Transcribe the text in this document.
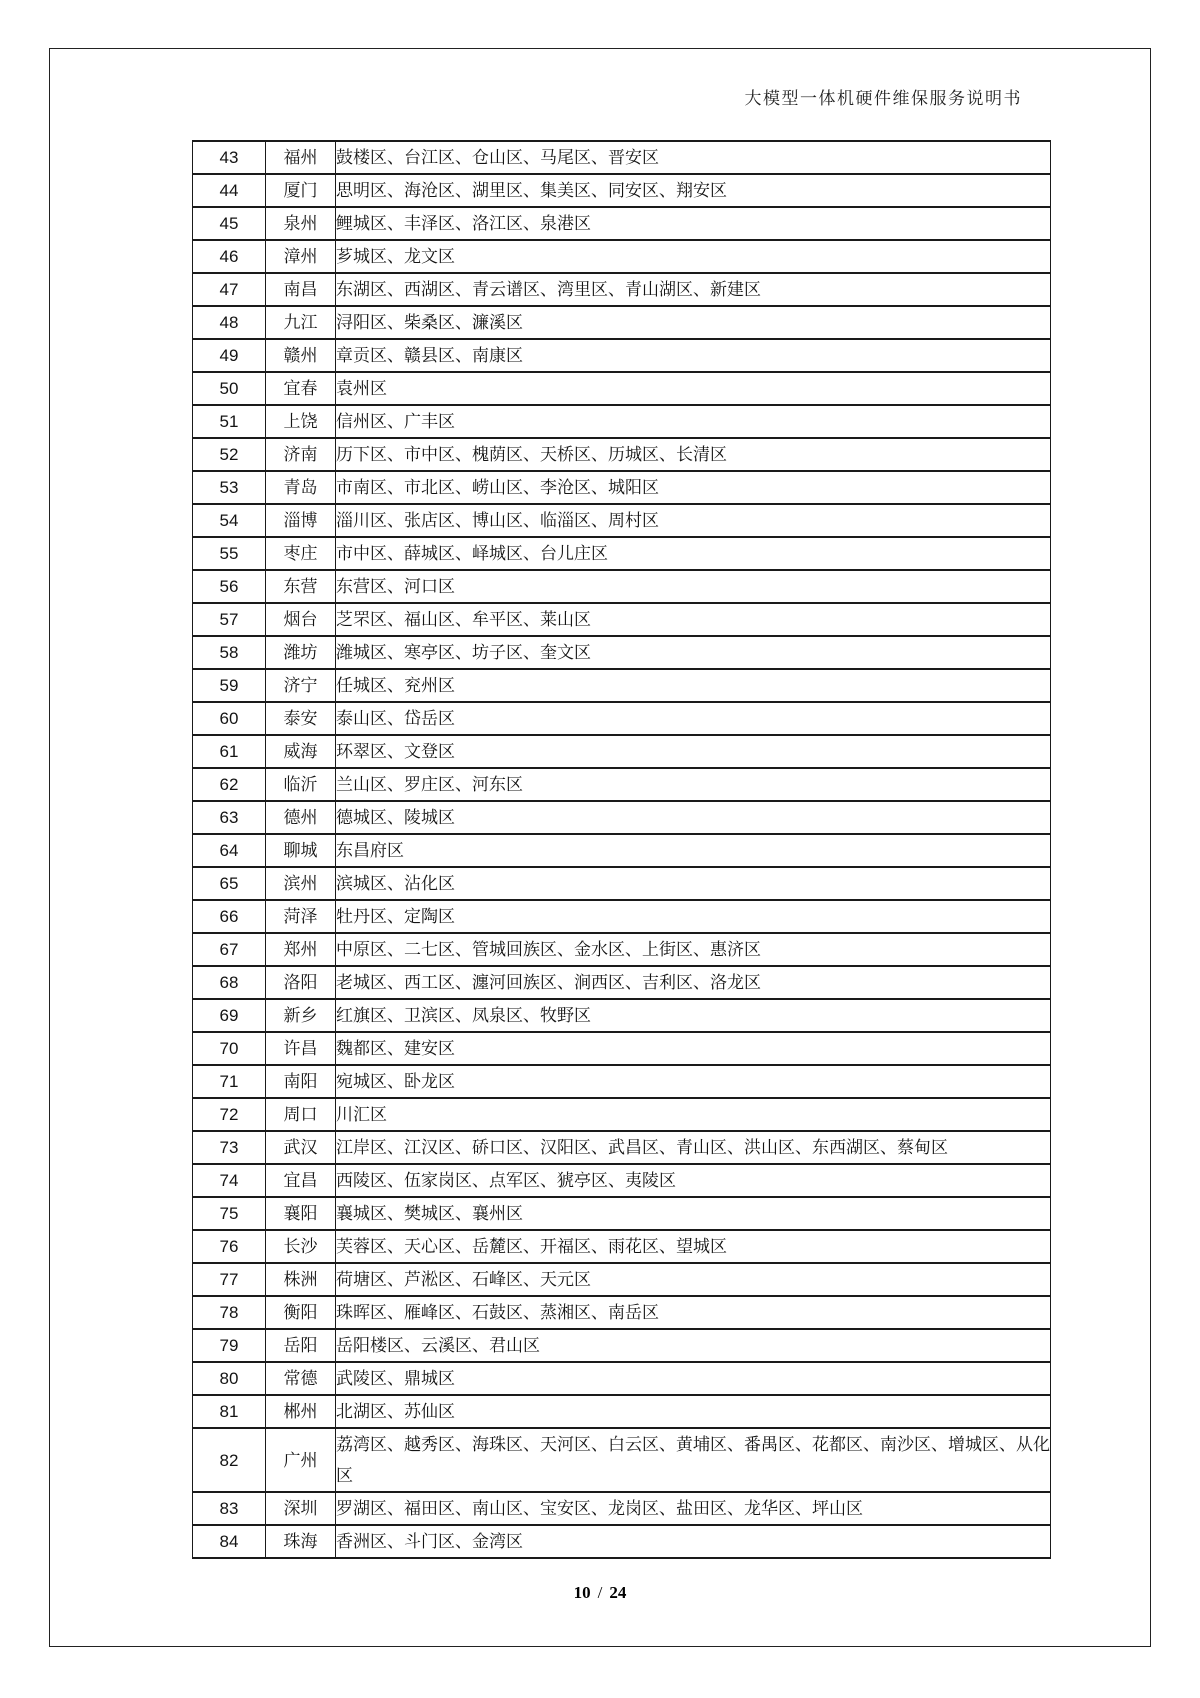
大模型一体机硬件维保服务说明书
43	福州	鼓楼区、台江区、仓山区、马尾区、晋安区
44	厦门	思明区、海沧区、湖里区、集美区、同安区、翔安区
45	泉州	鲤城区、丰泽区、洛江区、泉港区
46	漳州	芗城区、龙文区
47	南昌	东湖区、西湖区、青云谱区、湾里区、青山湖区、新建区
48	九江	浔阳区、柴桑区、濂溪区
49	赣州	章贡区、赣县区、南康区
50	宜春	袁州区
51	上饶	信州区、广丰区
52	济南	历下区、市中区、槐荫区、天桥区、历城区、长清区
53	青岛	市南区、市北区、崂山区、李沧区、城阳区
54	淄博	淄川区、张店区、博山区、临淄区、周村区
55	枣庄	市中区、薛城区、峄城区、台儿庄区
56	东营	东营区、河口区
57	烟台	芝罘区、福山区、牟平区、莱山区
58	潍坊	潍城区、寒亭区、坊子区、奎文区
59	济宁	任城区、兖州区
60	泰安	泰山区、岱岳区
61	威海	环翠区、文登区
62	临沂	兰山区、罗庄区、河东区
63	德州	德城区、陵城区
64	聊城	东昌府区
65	滨州	滨城区、沾化区
66	菏泽	牡丹区、定陶区
67	郑州	中原区、二七区、管城回族区、金水区、上街区、惠济区
68	洛阳	老城区、西工区、瀍河回族区、涧西区、吉利区、洛龙区
69	新乡	红旗区、卫滨区、凤泉区、牧野区
70	许昌	魏都区、建安区
71	南阳	宛城区、卧龙区
72	周口	川汇区
73	武汉	江岸区、江汉区、硚口区、汉阳区、武昌区、青山区、洪山区、东西湖区、蔡甸区
74	宜昌	西陵区、伍家岗区、点军区、猇亭区、夷陵区
75	襄阳	襄城区、樊城区、襄州区
76	长沙	芙蓉区、天心区、岳麓区、开福区、雨花区、望城区
77	株洲	荷塘区、芦淞区、石峰区、天元区
78	衡阳	珠晖区、雁峰区、石鼓区、蒸湘区、南岳区
79	岳阳	岳阳楼区、云溪区、君山区
80	常德	武陵区、鼎城区
81	郴州	北湖区、苏仙区
82	广州	荔湾区、越秀区、海珠区、天河区、白云区、黄埔区、番禺区、花都区、南沙区、增城区、从化区
83	深圳	罗湖区、福田区、南山区、宝安区、龙岗区、盐田区、龙华区、坪山区
84	珠海	香洲区、斗门区、金湾区
10 / 24
